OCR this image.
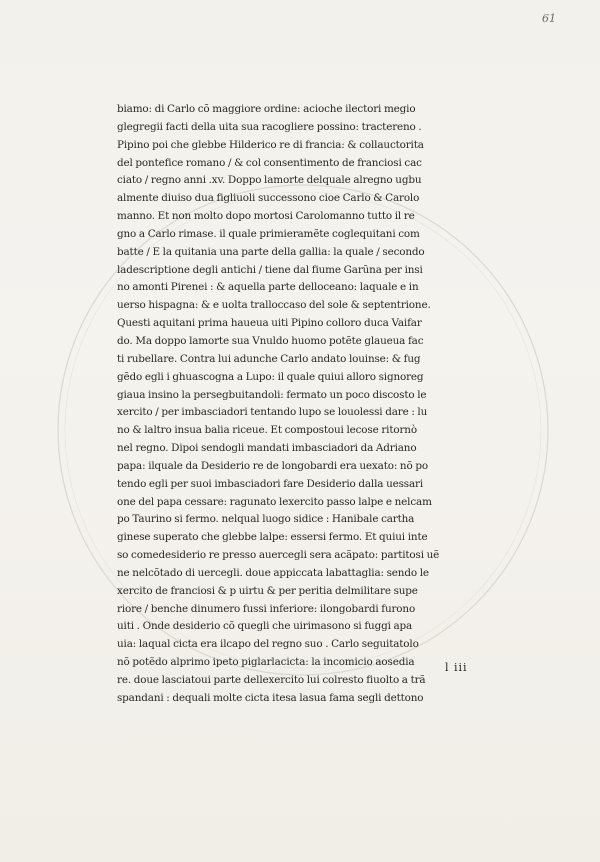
61
biamo: di Carlo cõ maggiore ordine: acioche ilectori megio
glegregii facti della uita sua racogliere possino: tractereno .
Pipino poi che glebbe Hilderico re di francia: & collauctorita
del pontefice romano / & col consentimento de franciosi cac
ciato / regno anni .xv. Doppo lamorte delquale alregno ugbu
almente diuiso dua figliuoli successono cioe Carlo & Carolo
manno. Et non molto dopo mortosi Carolomanno tutto il re
gno a Carlo rimase. il quale primieramẽte coglequitani com
batte / E la quitania una parte della gallia: la quale / secondo
ladescriptione degli antichi / tiene dal fiume Garũna per insi
no amonti Pirenei : & aquella parte delloceano: laquale e in
uerso hispagna: & e uolta tralloccaso del sole & septentrione.
Questi aquitani prima haueua uiti Pipino colloro duca Vaifar
do. Ma doppo lamorte sua Vnuldo huomo potẽte glaueua fac
ti rubellare. Contra lui adunche Carlo andato louinse: & fug
gẽdo egli i ghuascogna a Lupo: il quale quiui alloro signoreg
giaua insino la persegbuitandoli: fermato un poco discosto le
xercito / per imbasciadori tentando lupo se louolessi dare : lu
no & laltro insua balia riceue. Et compostoui lecose ritornò
nel regno. Dipoi sendogli mandati imbasciadori da Adriano
papa: ilquale da Desiderio re de longobardi era uexato: nõ po
tendo egli per suoi imbasciadori fare Desiderio dalla uessari
one del papa cessare: ragunato lexercito passo lalpe e nelcam
po Taurino si fermo. nelqual luogo sidice : Hanibale cartha
ginese superato che glebbe lalpe: essersi fermo. Et quiui inte
so comedesiderio re presso auercegli sera acãpato: partitosi uẽ
ne nelcõtado di uercegli. doue appiccata labattaglia: sendo le
xercito de franciosi & p uirtu & per peritia delmilitare supe
riore / benche dinumero fussi inferiore: ilongobardi furono
uiti . Onde desiderio cõ quegli che uirimasono si fuggi apa
uia: laqual cicta era ilcapo del regno suo . Carlo seguitatolo
nõ potẽdo alprimo ipeto piglarlacicta: la incomicio aosedia
re. doue lasciatoui parte dellexercito lui colresto fiuolto a trã
spandani : dequali molte cicta itesa lasua fama segli dettono
l iii
